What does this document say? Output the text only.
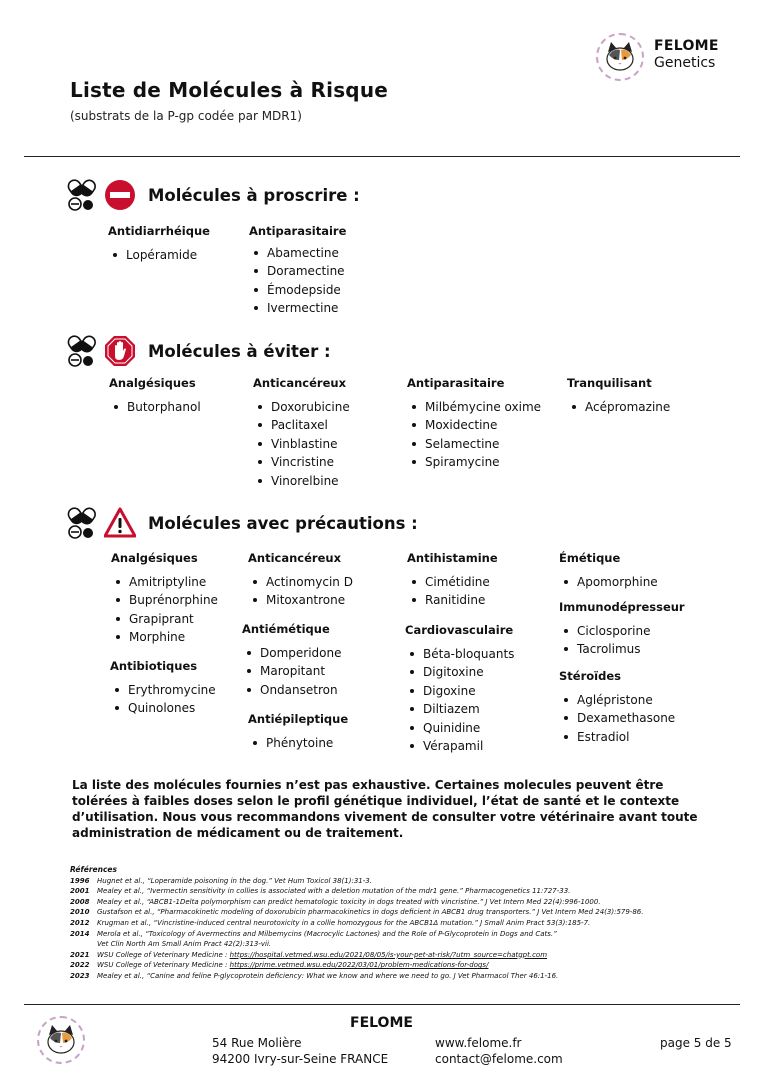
FELOME
Genetics
Liste de Molécules à Risque
(substrats de la P-gp codée par MDR1)
Molécules à proscrire :
Antidiarrhéique
Lopéramide
Antiparasitaire
Abamectine
Doramectine
Émodepside
Ivermectine
Molécules à éviter :
Analgésiques
Butorphanol
Anticancéreux
Doxorubicine
Paclitaxel
Vinblastine
Vincristine
Vinorelbine
Antiparasitaire
Milbémycine oxime
Moxidectine
Selamectine
Spiramycine
Tranquilisant
Acépromazine
Molécules avec précautions :
Analgésiques
Amitriptyline
Buprénorphine
Grapiprant
Morphine
Antibiotiques
Erythromycine
Quinolones
Anticancéreux
Actinomycin D
Mitoxantrone
Antiémétique
Domperidone
Maropitant
Ondansetron
Antiépileptique
Phénytoine
Antihistamine
Cimétidine
Ranitidine
Cardiovasculaire
Béta-bloquants
Digitoxine
Digoxine
Diltiazem
Quinidine
Vérapamil
Émétique
Apomorphine
Immunodépresseur
Ciclosporine
Tacrolimus
Stéroïdes
Aglépristone
Dexamethasone
Estradiol
La liste des molécules fournies n’est pas exhaustive. Certaines molecules peuvent être tolérées à faibles doses selon le profil génétique individuel, l’état de santé et le contexte d’utilisation. Nous vous recommandons vivement de consulter votre vétérinaire avant toute administration de médicament ou de traitement.
Références
1996	Hugnet et al., “Loperamide poisoning in the dog.” Vet Hum Toxicol 38(1):31-3.
2001	Mealey et al., “Ivermectin sensitivity in collies is associated with a deletion mutation of the mdr1 gene.” Pharmacogenetics 11:727-33.
2008	Mealey et al., “ABCB1-1Delta polymorphism can predict hematologic toxicity in dogs treated with vincristine.” J Vet Intern Med 22(4):996-1000.
2010	Gustafson et al., “Pharmacokinetic modeling of doxorubicin pharmacokinetics in dogs deficient in ABCB1 drug transporters.” J Vet Intern Med 24(3):579-86.
2012	Krugman et al., “Vincristine-induced central neurotoxicity in a collie homozygous for the ABCB1Δ mutation.” J Small Anim Pract 53(3):185-7.
2014	Merola et al., “Toxicology of Avermectins and Milbemycins (Macrocylic Lactones) and the Role of P-Glycoprotein in Dogs and Cats.”
Vet Clin North Am Small Anim Pract 42(2):313-vii.
2021	WSU College of Veterinary Medicine : https://hospital.vetmed.wsu.edu/2021/08/05/is-your-pet-at-risk/?utm_source=chatgpt.com
2022	WSU College of Veterinary Medicine : https://prime.vetmed.wsu.edu/2022/03/01/problem-medications-for-dogs/
2023	Mealey et al., “Canine and feline P-glycoprotein deficiency: What we know and where we need to go. J Vet Pharmacol Ther 46:1-16.
FELOME
54 Rue Molière
94200 Ivry-sur-Seine FRANCE
www.felome.fr
contact@felome.com
page 5 de 5
